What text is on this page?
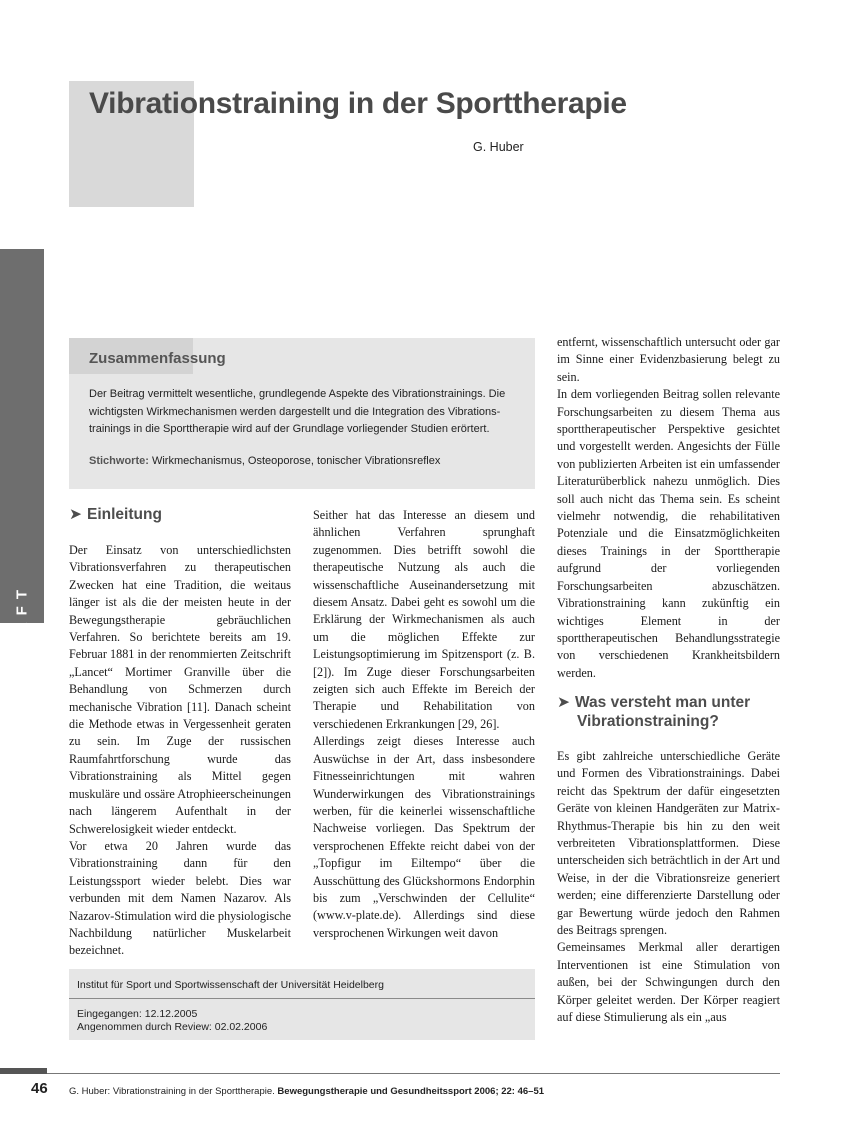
Vibrationstraining in der Sporttherapie
G. Huber
WISSENSCHAFT
Zusammenfassung

Der Beitrag vermittelt wesentliche, grundlegende Aspekte des Vibrationstrainings. Die wichtigsten Wirkmechanismen werden dargestellt und die Integration des Vibrationstrainings in die Sporttherapie wird auf der Grundlage vorliegender Studien erörtert.

Stichworte: Wirkmechanismus, Osteoporose, tonischer Vibrationsreflex
➤ Einleitung

Der Einsatz von unterschiedlichsten Vibrationsverfahren zu therapeutischen Zwecken hat eine Tradition, die weitaus länger ist als die der meisten heute in der Bewegungstherapie gebräuchlichen Verfahren. So berichtete bereits am 19. Februar 1881 in der renommierten Zeitschrift „Lancet“ Mortimer Granville über die Behandlung von Schmerzen durch mechanische Vibration [11]. Danach scheint die Methode etwas in Vergessenheit geraten zu sein. Im Zuge der russischen Raumfahrtforschung wurde das Vibrationstraining als Mittel gegen muskuläre und ossäre Atrophieerscheinungen nach längerem Aufenthalt in der Schwerelosigkeit wieder entdeckt.

Vor etwa 20 Jahren wurde das Vibrationstraining dann für den Leistungssport wieder belebt. Dies war verbunden mit dem Namen Nazarov. Als Nazarov-Stimulation wird die physiologische Nachbildung natürlicher Muskelarbeit bezeichnet.

Seither hat das Interesse an diesem und ähnlichen Verfahren sprunghaft zugenommen. Dies betrifft sowohl die therapeutische Nutzung als auch die wissenschaftliche Auseinandersetzung mit diesem Ansatz. Dabei geht es sowohl um die Erklärung der Wirkmechanismen als auch um die möglichen Effekte zur Leistungsoptimierung im Spitzensport (z. B. [2]). Im Zuge dieser Forschungsarbeiten zeigten sich auch Effekte im Bereich der Therapie und Rehabilitation von verschiedenen Erkrankungen [29, 26].

Allerdings zeigt dieses Interesse auch Auswüchse in der Art, dass insbesondere Fitnesseinrichtungen mit wahren Wunderwirkungen des Vibrationstrainings werben, für die keinerlei wissenschaftliche Nachweise vorliegen. Das Spektrum der versprochenen Effekte reicht dabei von der „Topfigur im Eiltempo“ über die Ausschüttung des Glückshormons Endorphin bis zum „Verschwinden der Cellulite“ (www.v-plate.de). Allerdings sind diese versprochenen Wirkungen weit davon

entfernt, wissenschaftlich untersucht oder gar im Sinne einer Evidenzbasierung belegt zu sein.

In dem vorliegenden Beitrag sollen relevante Forschungsarbeiten zu diesem Thema aus sporttherapeutischer Perspektive gesichtet und vorgestellt werden. Angesichts der Fülle von publizierten Arbeiten ist ein umfassender Literaturüberblick nahezu unmöglich. Dies soll auch nicht das Thema sein. Es scheint vielmehr notwendig, die rehabilitativen Potenziale und die Einsatzmöglichkeiten dieses Trainings in der Sporttherapie aufgrund der vorliegenden Forschungsarbeiten abzuschätzen. Vibrationstraining kann zukünftig ein wichtiges Element in der sporttherapeutischen Behandlungsstrategie von verschiedenen Krankheitsbildern werden.

➤ Was versteht man unter
Vibrationstraining?

Es gibt zahlreiche unterschiedliche Geräte und Formen des Vibrationstrainings. Dabei reicht das Spektrum der dafür eingesetzten Geräte von kleinen Handgeräten zur Matrix-Rhythmus-Therapie bis hin zu den weit verbreiteten Vibrationsplattformen. Diese unterscheiden sich beträchtlich in der Art und Weise, in der die Vibrationsreize generiert werden; eine differenzierte Darstellung oder gar Bewertung würde jedoch den Rahmen des Beitrags sprengen.

Gemeinsames Merkmal aller derartigen Interventionen ist eine Stimulation von außen, bei der Schwingungen durch den Körper geleitet werden. Der Körper reagiert auf diese Stimulierung als ein „aus

Institut für Sport und Sportwissenschaft der Universität Heidelberg
Eingegangen: 12.12.2005
Angenommen durch Review: 02.02.2006
46 G. Huber: Vibrationstraining in der Sporttherapie. Bewegungstherapie und Gesundheitssport 2006; 22: 46–51
